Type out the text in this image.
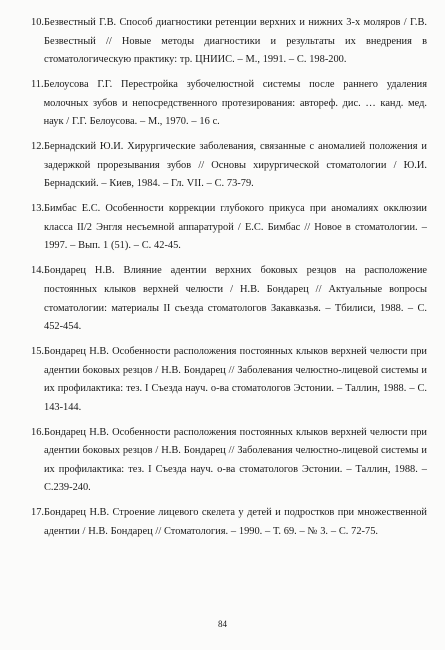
10. Безвестный Г.В. Способ диагностики ретенции верхних и нижних 3-х моляров / Г.В. Безвестный // Новые методы диагностики и результаты их внедрения в стоматологическую практику: тр. ЦНИИС. – М., 1991. – С. 198-200.
11. Белоусова Г.Г. Перестройка зубочелюстной системы после раннего удаления молочных зубов и непосредственного протезирования: автореф. дис. … канд. мед. наук / Г.Г. Белоусова. – М., 1970. – 16 с.
12. Бернадский Ю.И. Хирургические заболевания, связанные с аномалией положения и задержкой прорезывания зубов // Основы хирургической стоматологии / Ю.И. Бернадский. – Киев, 1984. – Гл. VII. – С. 73-79.
13. Бимбас Е.С. Особенности коррекции глубокого прикуса при аномалиях окклюзии класса II/2 Энгля несъемной аппаратурой / Е.С. Бимбас // Новое в стоматологии. – 1997. – Вып. 1 (51). – С. 42-45.
14. Бондарец Н.В. Влияние адентии верхних боковых резцов на расположение постоянных клыков верхней челюсти / Н.В. Бондарец // Актуальные вопросы стоматологии: материалы II съезда стоматологов Закавказья. – Тбилиси, 1988. – С. 452-454.
15. Бондарец Н.В. Особенности расположения постоянных клыков верхней челюсти при адентии боковых резцов / Н.В. Бондарец // Заболевания челюстно-лицевой системы и их профилактика: тез. I Съезда науч. о-ва стоматологов Эстонии. – Таллин, 1988. – С. 143-144.
16. Бондарец Н.В. Особенности расположения постоянных клыков верхней челюсти при адентии боковых резцов / Н.В. Бондарец // Заболевания челюстно-лицевой системы и их профилактика: тез. I Съезда науч. о-ва стоматологов Эстонии. – Таллин, 1988. – С.239-240.
17. Бондарец Н.В. Строение лицевого скелета у детей и подростков при множественной адентии / Н.В. Бондарец // Стоматология. – 1990. – Т. 69. – № 3. – С. 72-75.
84
